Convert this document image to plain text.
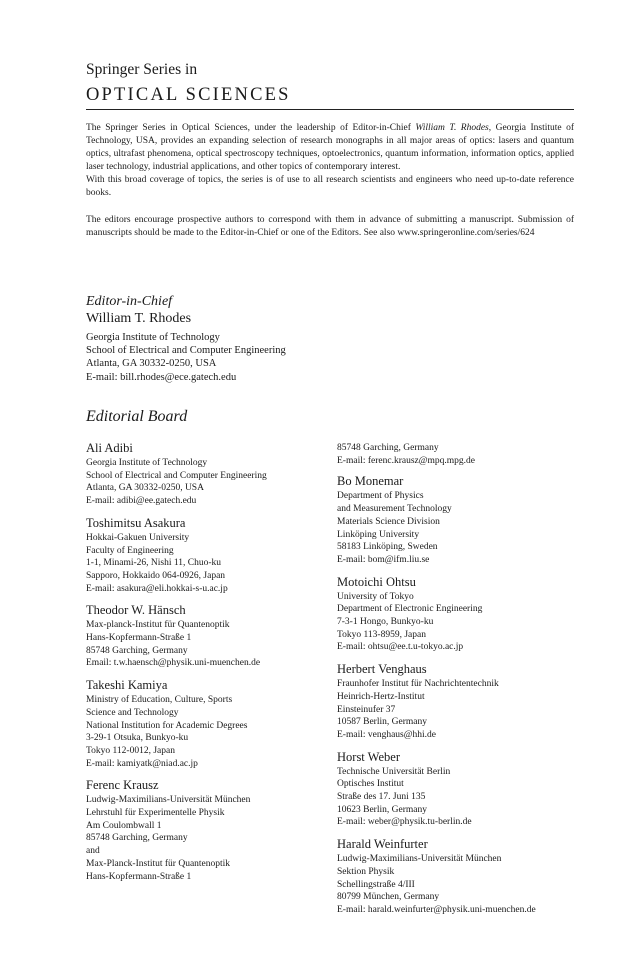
Springer Series in
OPTICAL SCIENCES

The Springer Series in Optical Sciences, under the leadership of Editor-in-Chief William T. Rhodes, Georgia Institute of Technology, USA, provides an expanding selection of research monographs in all major areas of optics: lasers and quantum optics, ultrafast phenomena, optical spectroscopy techniques, optoelectronics, quantum information, information optics, applied laser technology, industrial applications, and other topics of contemporary interest.

With this broad coverage of topics, the series is of use to all research scientists and engineers who need up-to-date reference books.

The editors encourage prospective authors to correspond with them in advance of submitting a manuscript. Submission of manuscripts should be made to the Editor-in-Chief or one of the Editors. See also www.springeronline.com/series/624

Editor-in-Chief
William T. Rhodes
Georgia Institute of Technology
School of Electrical and Computer Engineering
Atlanta, GA 30332-0250, USA
E-mail: bill.rhodes@ece.gatech.edu
Editorial Board
Ali Adibi
Georgia Institute of Technology
School of Electrical and Computer Engineering
Atlanta, GA 30332-0250, USA
E-mail: adibi@ee.gatech.edu
Toshimitsu Asakura
Hokkai-Gakuen University
Faculty of Engineering
1-1, Minami-26, Nishi 11, Chuo-ku
Sapporo, Hokkaido 064-0926, Japan
E-mail: asakura@eli.hokkai-s-u.ac.jp
Theodor W. Hänsch
Max-planck-Institut für Quantenoptik
Hans-Kopfermann-Straße 1
85748 Garching, Germany
Email: t.w.haensch@physik.uni-muenchen.de
Takeshi Kamiya
Ministry of Education, Culture, Sports
Science and Technology
National Institution for Academic Degrees
3-29-1 Otsuka, Bunkyo-ku
Tokyo 112-0012, Japan
E-mail: kamiyatk@niad.ac.jp
Ferenc Krausz
Ludwig-Maximilians-Universität München
Lehrstuhl für Experimentelle Physik
Am Coulombwall 1
85748 Garching, Germany
and
Max-Planck-Institut für Quantenoptik
Hans-Kopfermann-Straße 1
85748 Garching, Germany
E-mail: ferenc.krausz@mpq.mpg.de
Bo Monemar
Department of Physics
and Measurement Technology
Materials Science Division
Linköping University
58183 Linköping, Sweden
E-mail: bom@ifm.liu.se
Motoichi Ohtsu
University of Tokyo
Department of Electronic Engineering
7-3-1 Hongo, Bunkyo-ku
Tokyo 113-8959, Japan
E-mail: ohtsu@ee.t.u-tokyo.ac.jp
Herbert Venghaus
Fraunhofer Institut für Nachrichtentechnik
Heinrich-Hertz-Institut
Einsteinufer 37
10587 Berlin, Germany
E-mail: venghaus@hhi.de
Horst Weber
Technische Universität Berlin
Optisches Institut
Straße des 17. Juni 135
10623 Berlin, Germany
E-mail: weber@physik.tu-berlin.de
Harald Weinfurter
Ludwig-Maximilians-Universität München
Sektion Physik
Schellingstraße 4/III
80799 München, Germany
E-mail: harald.weinfurter@physik.uni-muenchen.de
